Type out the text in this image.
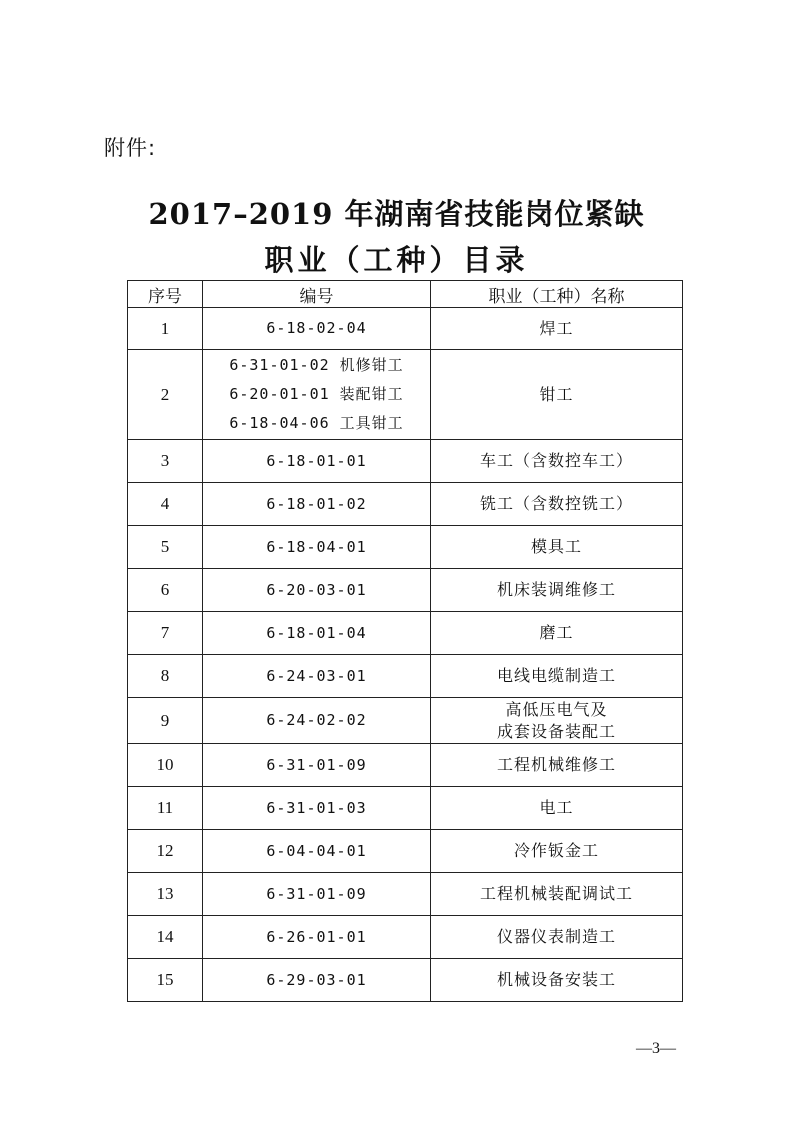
附件:
2017–2019 年湖南省技能岗位紧缺
职业（工种）目录
序号	编号	职业（工种）名称
1	6-18-02-04	焊工

2	6-31-01-02 机修钳工
6-20-01-01 装配钳工
6-18-04-06 工具钳工	钳工

3	6-18-01-01	车工（含数控车工）

4	6-18-01-02	铣工（含数控铣工）

5	6-18-04-01	模具工

6	6-20-03-01	机床装调维修工

7	6-18-01-04	磨工

8	6-24-03-01	电线电缆制造工

9	6-24-02-02	高低压电气及
成套设备装配工

10	6-31-01-09	工程机械维修工

11	6-31-01-03	电工

12	6-04-04-01	冷作钣金工

13	6-31-01-09	工程机械装配调试工

14	6-26-01-01	仪器仪表制造工

15	6-29-03-01	机械设备安装工
—3—
